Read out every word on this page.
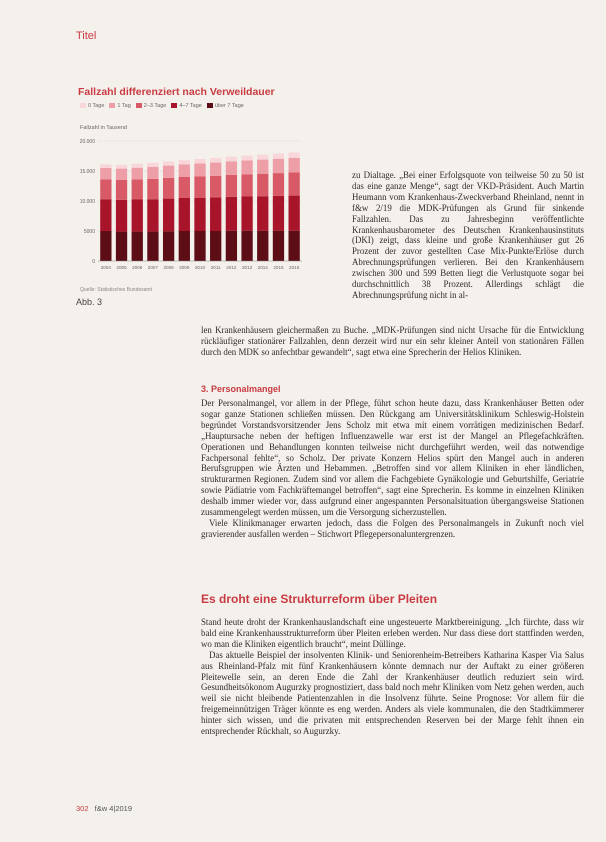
Titel
Fallzahl differenziert nach Verweildauer
0 Tage 1 Tag 2–3 Tage 4–7 Tage über 7 Tage
Fallzahl in Tausend
0
5000
10.000
15.000
20.000
2004 2005 2006 2007 2008 2009 2010 2011 2012 2013 2014 2015 2016
Quelle: Statistisches Bundesamt
Abb. 3

zu Dialtage. „Bei einer Erfolgsquote von teilweise 50 zu 50 ist das eine ganze Menge“, sagt der VKD-Präsident. Auch Martin Heumann vom Krankenhaus-Zweckverband Rheinland, nennt in f&w 2/19 die MDK-Prüfungen als Grund für sinkende Fallzahlen. Das zu Jahresbeginn veröffentlichte Krankenhausbarometer des Deutschen Krankenhausinstituts (DKI) zeigt, dass kleine und große Krankenhäuser gut 26 Prozent der zuvor gestellten Case Mix-Punkte/Erlöse durch Abrechnungsprüfungen verlieren. Bei den Krankenhäusern zwischen 300 und 599 Betten liegt die Verlustquote sogar bei durchschnittlich 38 Prozent. Allerdings schlägt die Abrechnungsprüfung nicht in al-

len Krankenhäusern gleichermaßen zu Buche. „MDK-Prüfungen sind nicht Ursache für die Entwicklung rückläufiger stationärer Fallzahlen, denn derzeit wird nur ein sehr kleiner Anteil von stationären Fällen durch den MDK so anfechtbar gewandelt“, sagt etwa eine Sprecherin der Helios Kliniken.

3. Personalmangel

Der Personalmangel, vor allem in der Pflege, führt schon heute dazu, dass Krankenhäuser Betten oder sogar ganze Stationen schließen müssen. Den Rückgang am Universitätsklinikum Schleswig-Holstein begründet Vorstandsvorsitzender Jens Scholz mit etwa mit einem vorrätigen medizinischen Bedarf. „Hauptursache neben der heftigen Influenzawelle war erst ist der Mangel an Pflegefachkräften. Operationen und Behandlungen konnten teilweise nicht durchgeführt werden, weil das notwendige Fachpersonal fehlte“, so Scholz. Der private Konzern Helios spürt den Mangel auch in anderen Berufsgruppen wie Ärzten und Hebammen. „Betroffen sind vor allem Kliniken in eher ländlichen, strukturarmen Regionen. Zudem sind vor allem die Fachgebiete Gynäkologie und Geburtshilfe, Geriatrie sowie Pädiatrie vom Fachkräftemangel betroffen“, sagt eine Sprecherin. Es komme in einzelnen Kliniken deshalb immer wieder vor, dass aufgrund einer angespannten Personalsituation übergangsweise Stationen zusammengelegt werden müssen, um die Versorgung sicherzustellen.

Viele Klinikmanager erwarten jedoch, dass die Folgen des Personalmangels in Zukunft noch viel gravierender ausfallen werden – Stichwort Pflegepersonaluntergrenzen.

Es droht eine Strukturreform über Pleiten

Stand heute droht der Krankenhauslandschaft eine ungesteuerte Marktbereinigung. „Ich fürchte, dass wir bald eine Krankenhausstrukturreform über Pleiten erleben werden. Nur dass diese dort stattfinden werden, wo man die Kliniken eigentlich braucht“, meint Düllinge.

Das aktuelle Beispiel der insolventen Klinik- und Seniorenheim-Betreibers Katharina Kasper Via Salus aus Rheinland-Pfalz mit fünf Krankenhäusern könnte demnach nur der Auftakt zu einer größeren Pleitewelle sein, an deren Ende die Zahl der Krankenhäuser deutlich reduziert sein wird. Gesundheitsökonom Augurzky prognostiziert, dass bald noch mehr Kliniken vom Netz gehen werden, auch weil sie nicht bleibende Patientenzahlen in die Insolvenz führte. Seine Prognose: Vor allem für die freigemeinnützigen Träger könnte es eng werden. Anders als viele kommunalen, die den Stadtkämmerer hinter sich wissen, und die privaten mit entsprechenden Reserven bei der Marge fehlt ihnen ein entsprechender Rückhalt, so Augurzky.

302 f&w 4|2019
